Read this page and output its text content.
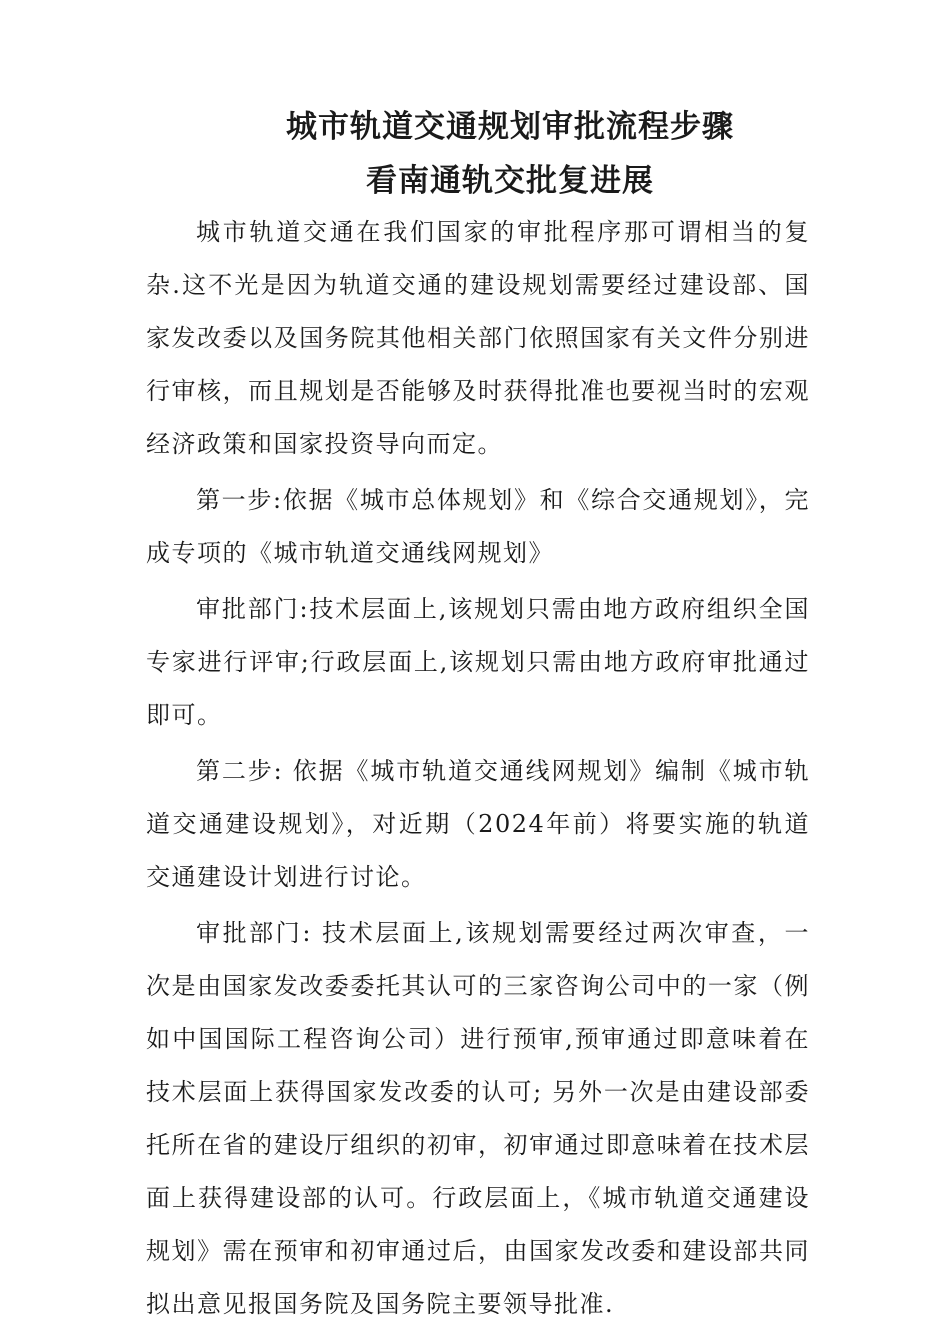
城市轨道交通规划审批流程步骤
看南通轨交批复进展

城市轨道交通在我们国家的审批程序那可谓相当的复杂.这不光是因为轨道交通的建设规划需要经过建设部、国家发改委以及国务院其他相关部门依照国家有关文件分别进行审核，而且规划是否能够及时获得批准也要视当时的宏观经济政策和国家投资导向而定。

第一步:依据《城市总体规划》和《综合交通规划》，完成专项的《城市轨道交通线网规划》

审批部门:技术层面上,该规划只需由地方政府组织全国专家进行评审;行政层面上,该规划只需由地方政府审批通过即可。

第二步: 依据《城市轨道交通线网规划》编制《城市轨道交通建设规划》，对近期（2024年前）将要实施的轨道交通建设计划进行讨论。

审批部门: 技术层面上,该规划需要经过两次审查，一次是由国家发改委委托其认可的三家咨询公司中的一家（例如中国国际工程咨询公司）进行预审,预审通过即意味着在技术层面上获得国家发改委的认可; 另外一次是由建设部委托所在省的建设厅组织的初审，初审通过即意味着在技术层面上获得建设部的认可。行政层面上，《城市轨道交通建设规划》需在预审和初审通过后，由国家发改委和建设部共同拟出意见报国务院及国务院主要领导批准.
